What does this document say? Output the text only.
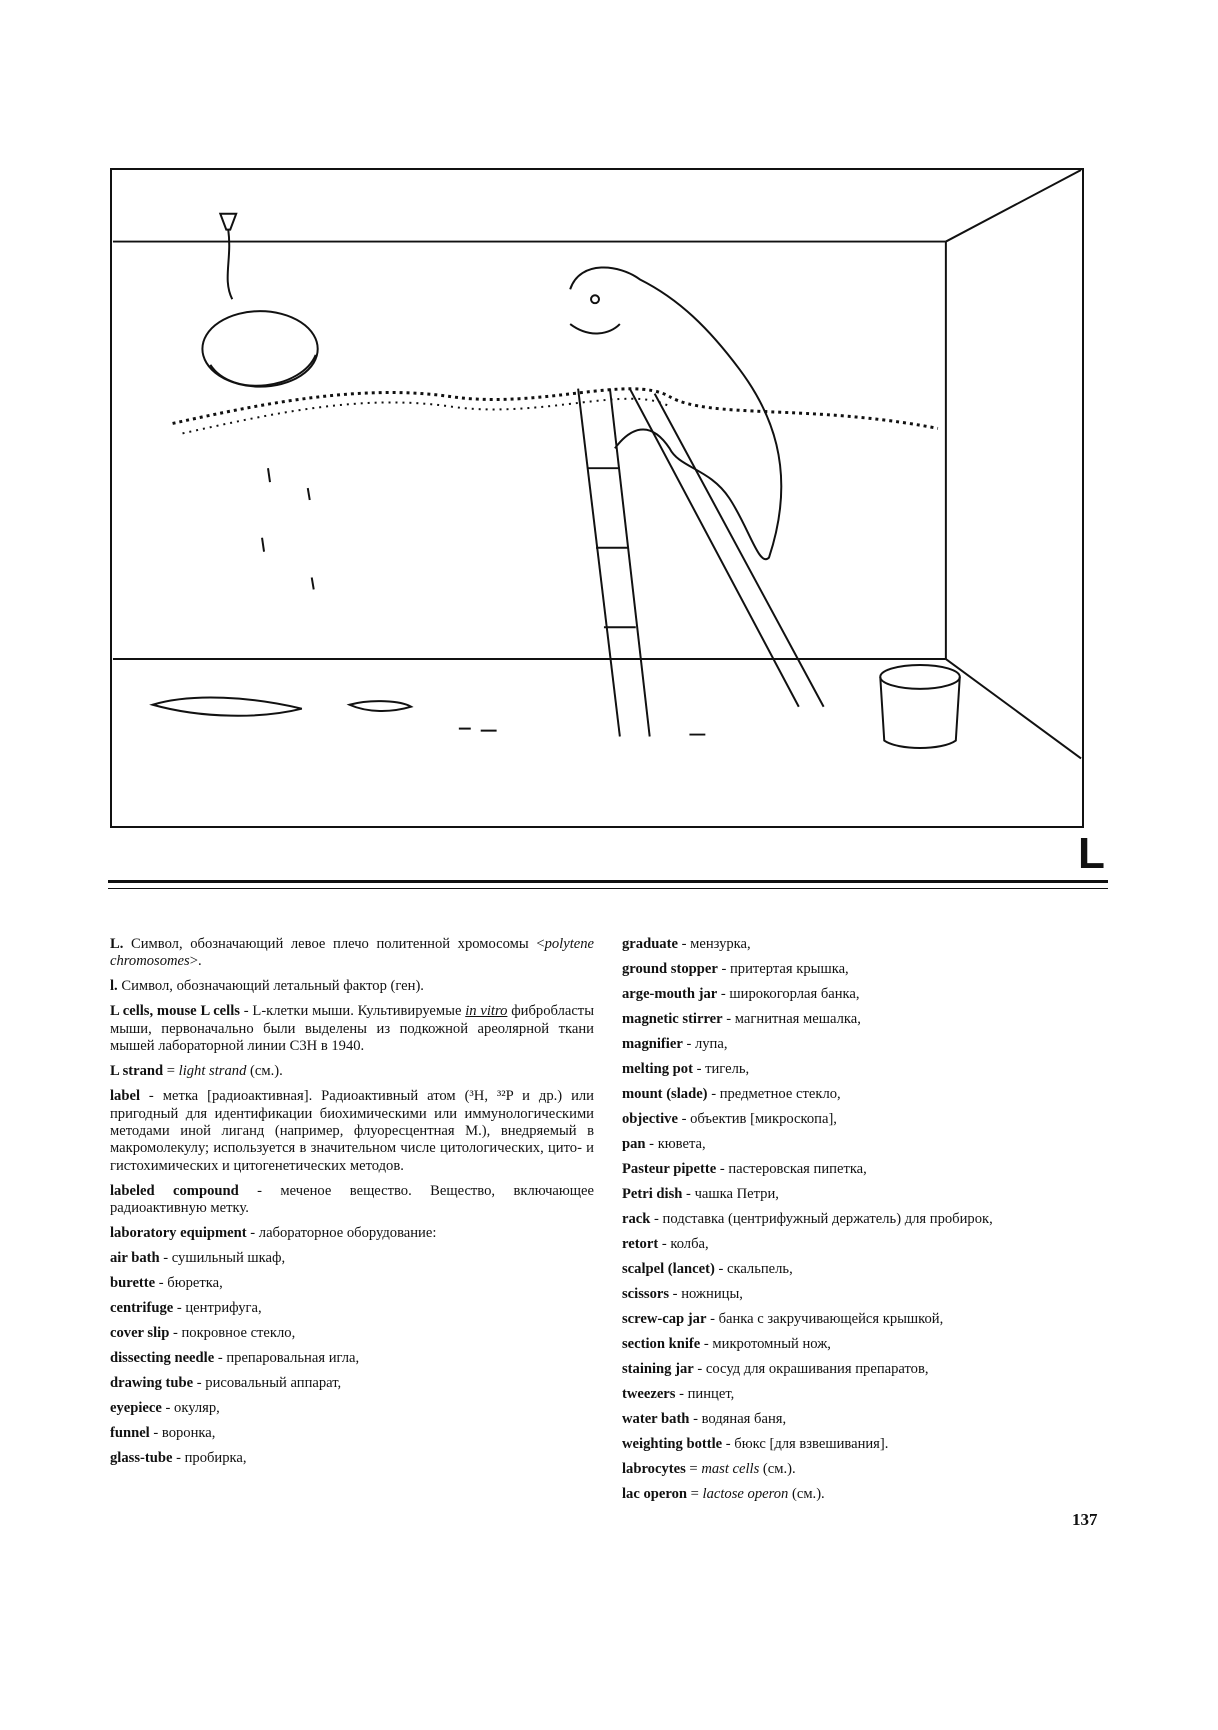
L

L. Символ, обозначающий левое плечо политенной хромосомы <polytene chromosomes>.

l. Символ, обозначающий летальный фактор (ген).

L cells, mouse L cells - L-клетки мыши. Культивируемые in vitro фибробласты мыши, первоначально были выделены из подкожной ареолярной ткани мышей лабораторной линии С3Н в 1940.

L strand = light strand (см.).

label - метка [радиоактивная]. Радиоактивный атом (³H, ³²P и др.) или пригодный для идентификации биохимическими или иммунологическими методами иной лиганд (например, флуоресцентная М.), внедряемый в макромолекулу; используется в значительном числе цитологических, цито- и гистохимических и цитогенетических методов.

labeled compound - меченое вещество. Вещество, включающее радиоактивную метку.

laboratory equipment - лабораторное оборудование:

air bath - сушильный шкаф,

burette - бюретка,

centrifuge - центрифуга,

cover slip - покровное стекло,

dissecting needle - препаровальная игла,

drawing tube - рисовальный аппарат,

eyepiece - окуляр,

funnel - воронка,

glass-tube - пробирка,

graduate - мензурка,

ground stopper - притертая крышка,

arge-mouth jar - широкогорлая банка,

magnetic stirrer - магнитная мешалка,

magnifier - лупа,

melting pot - тигель,

mount (slade) - предметное стекло,

objective - объектив [микроскопа],

pan - кювета,

Pasteur pipette - пастеровская пипетка,

Petri dish - чашка Петри,

rack - подставка (центрифужный держатель) для пробирок,

retort - колба,

scalpel (lancet) - скальпель,

scissors - ножницы,

screw-cap jar - банка с закручивающейся крышкой,

section knife - микротомный нож,

staining jar - сосуд для окрашивания препаратов,

tweezers - пинцет,

water bath - водяная баня,

weighting bottle - бюкс [для взвешивания].

labrocytes = mast cells (см.).

lac operon = lactose operon (см.).

137
